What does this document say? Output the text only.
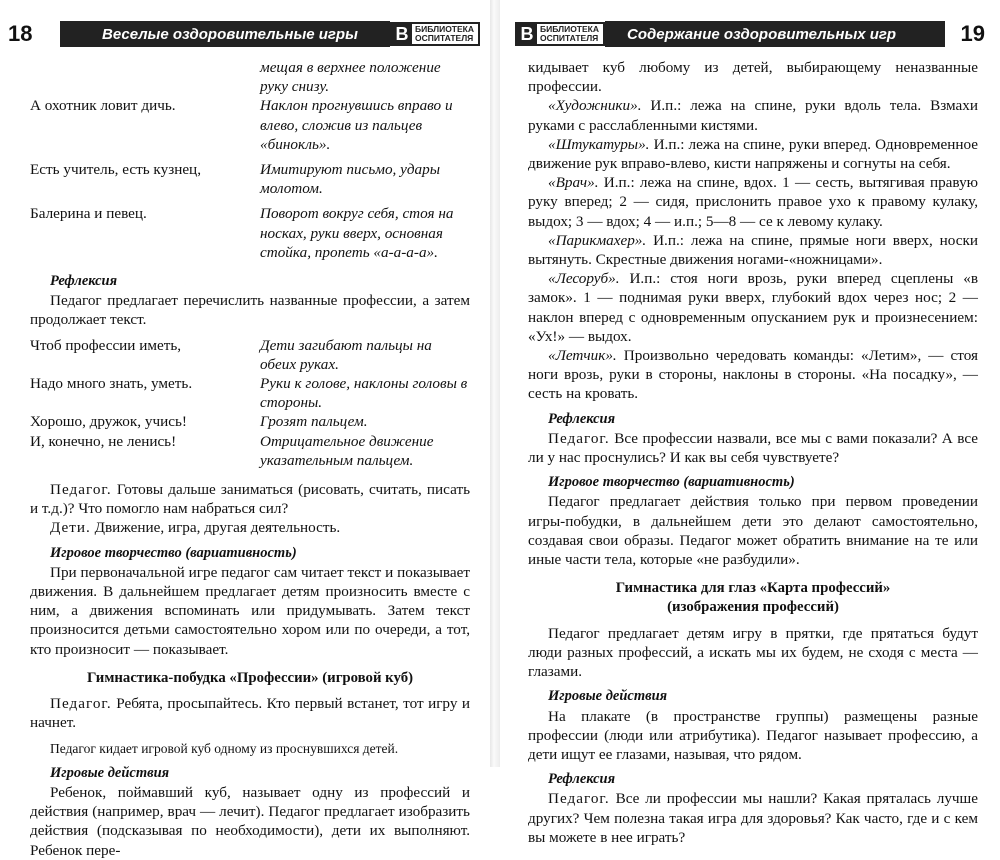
18	Веселые оздоровительные игры	В БИБЛИОТЕКА
ОСПИТАТЕЛЯ
мещая в верхнее положение руку снизу.
А охотник ловит дичь.	Наклон прогнувшись вправо и влево, сложив из пальцев «бинокль».
Есть учитель, есть кузнец,	Имитируют письмо, удары молотом.
Балерина и певец.	Поворот вокруг себя, стоя на носках, руки вверх, основная стойка, пропеть «а-а-а-а».

Рефлексия

Педагог предлагает перечислить названные профессии, а затем продолжает текст.

Чтоб профессии иметь,	Дети загибают пальцы на обеих руках.
Надо много знать, уметь.	Руки к голове, наклоны головы в стороны.
Хорошо, дружок, учись!	Грозят пальцем.
И, конечно, не ленись!	Отрицательное движение указательным пальцем.

Педагог. Готовы дальше заниматься (рисовать, считать, писать и т.д.)? Что помогло нам набраться сил?

Дети. Движение, игра, другая деятельность.

Игровое творчество (вариативность)

При первоначальной игре педагог сам читает текст и показывает движения. В дальнейшем предлагает детям произносить вместе с ним, а движения вспоминать или придумывать. Затем текст произносится детьми самостоятельно хором или по очереди, а тот, кто произносит — показывает.

Гимнастика-побудка «Профессии» (игровой куб)

Педагог. Ребята, просыпайтесь. Кто первый встанет, тот игру и начнет.

Педагог кидает игровой куб одному из проснувшихся детей.

Игровые действия

Ребенок, поймавший куб, называет одну из профессий и действия (например, врач — лечит). Педагог предлагает изобразить действия (подсказывая по необходимости), дети их выполняют. Ребенок пере-

В БИБЛИОТЕКА
ОСПИТАТЕЛЯ	Содержание оздоровительных игр	19

кидывает куб любому из детей, выбирающему неназванные профессии.

«Художники». И.п.: лежа на спине, руки вдоль тела. Взмахи руками с расслабленными кистями.

«Штукатуры». И.п.: лежа на спине, руки вперед. Одновременное движение рук вправо-влево, кисти напряжены и согнуты на себя.

«Врач». И.п.: лежа на спине, вдох. 1 — сесть, вытягивая правую руку вперед; 2 — сидя, прислонить правое ухо к правому кулаку, выдох; 3 — вдох; 4 — и.п.; 5—8 — се к левому кулаку.

«Парикмахер». И.п.: лежа на спине, прямые ноги вверх, носки вытянуть. Скрестные движения ногами-«ножницами».

«Лесоруб». И.п.: стоя ноги врозь, руки вперед сцеплены «в замок». 1 — поднимая руки вверх, глубокий вдох через нос; 2 — наклон вперед с одновременным опусканием рук и произнесением: «Ух!» — выдох.

«Летчик». Произвольно чередовать команды: «Летим», — стоя ноги врозь, руки в стороны, наклоны в стороны. «На посадку», — сесть на кровать.

Рефлексия

Педагог. Все профессии назвали, все мы с вами показали? А все ли у нас проснулись? И как вы себя чувствуете?

Игровое творчество (вариативность)

Педагог предлагает действия только при первом проведении игры-побудки, в дальнейшем дети это делают самостоятельно, создавая свои образы. Педагог может обратить внимание на те или иные части тела, которые «не разбудили».

Гимнастика для глаз «Карта профессий»

(изображения профессий)

Педагог предлагает детям игру в прятки, где прятаться будут люди разных профессий, а искать мы их будем, не сходя с места — глазами.

Игровые действия

На плакате (в пространстве группы) размещены разные профессии (люди или атрибутика). Педагог называет профессию, а дети ищут ее глазами, называя, что рядом.

Рефлексия

Педагог. Все ли профессии мы нашли? Какая пряталась лучше других? Чем полезна такая игра для здоровья? Как часто, где и с кем вы можете в нее играть?
